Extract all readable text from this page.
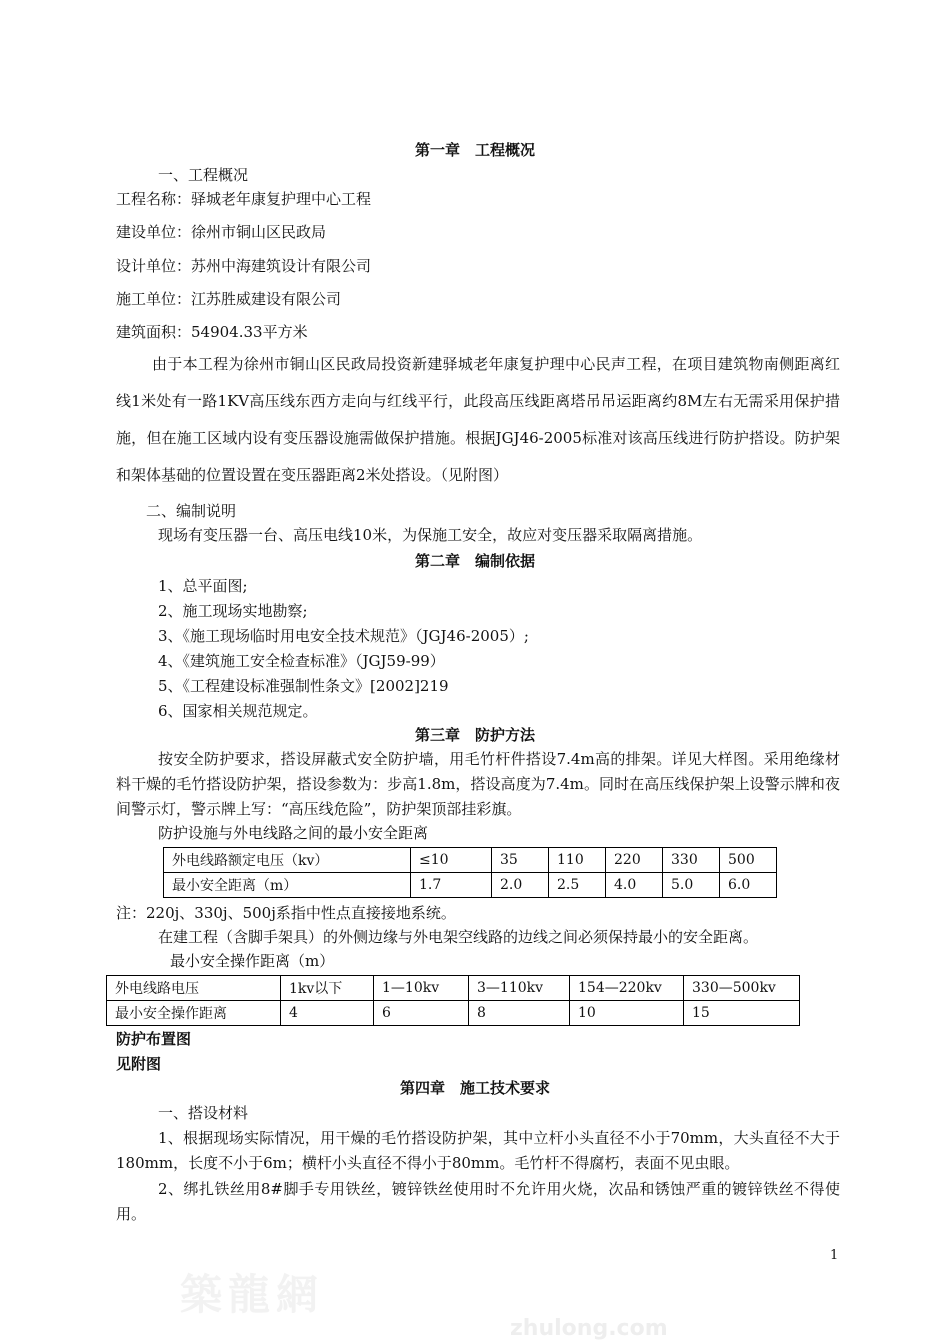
第一章　工程概况
一、工程概况
工程名称：驿城老年康复护理中心工程
建设单位：徐州市铜山区民政局
设计单位：苏州中海建筑设计有限公司
施工单位：江苏胜威建设有限公司
建筑面积：54904.33平方米
由于本工程为徐州市铜山区民政局投资新建驿城老年康复护理中心民声工程，在项目建筑物南侧距离红线1米处有一路1KV高压线东西方走向与红线平行，此段高压线距离塔吊吊运距离约8M左右无需采用保护措施，但在施工区域内设有变压器设施需做保护措施。根据JGJ46-2005标准对该高压线进行防护搭设。防护架和架体基础的位置设置在变压器距离2米处搭设。（见附图）
二、编制说明
现场有变压器一台、高压电线10米，为保施工安全，故应对变压器采取隔离措施。
第二章　编制依据
1、总平面图;
2、施工现场实地勘察;
3、《施工现场临时用电安全技术规范》（JGJ46-2005）;
4、《建筑施工安全检查标准》（JGJ59-99）
5、《工程建设标准强制性条文》[2002]219
6、国家相关规范规定。
第三章　防护方法
按安全防护要求，搭设屏蔽式安全防护墙，用毛竹杆件搭设7.4m高的排架。详见大样图。采用绝缘材料干燥的毛竹搭设防护架，搭设参数为：步高1.8m，搭设高度为7.4m。同时在高压线保护架上设警示牌和夜间警示灯，警示牌上写：“高压线危险”，防护架顶部挂彩旗。
防护设施与外电线路之间的最小安全距离
外电线路额定电压（kv）	≤10	35	110	220	330	500
最小安全距离（m）	1.7	2.0	2.5	4.0	5.0	6.0
注：220j、330j、500j系指中性点直接接地系统。
在建工程（含脚手架具）的外侧边缘与外电架空线路的边线之间必须保持最小的安全距离。
最小安全操作距离（m）
外电线路电压	1kv以下	1—10kv	3—110kv	154—220kv	330—500kv
最小安全操作距离	4	6	8	10	15
防护布置图
见附图
第四章　施工技术要求
一、搭设材料
1、根据现场实际情况，用干燥的毛竹搭设防护架，其中立杆小头直径不小于70mm，大头直径不大于180mm，长度不小于6m；横杆小头直径不得小于80mm。毛竹杆不得腐朽，表面不见虫眼。
2、绑扎铁丝用8#脚手专用铁丝，镀锌铁丝使用时不允许用火烧，次品和锈蚀严重的镀锌铁丝不得使用。
1
築龍網
zhulong.com
